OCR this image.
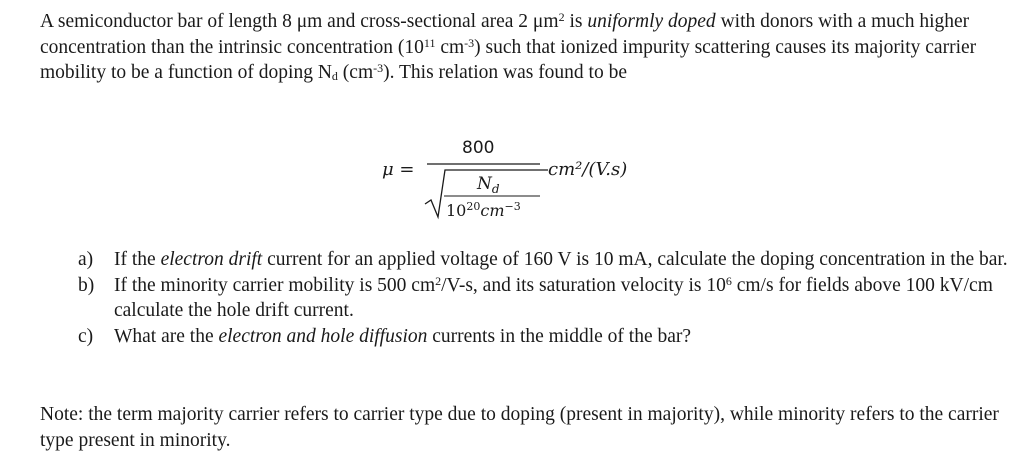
A semiconductor bar of length 8 μm and cross-sectional area 2 $\mu m^2$ is uniformly doped with donors with a much higher concentration than the intrinsic concentration ($10^{11}$ $cm^{-3}$) such that ionized impurity scattering causes its majority carrier mobility to be a function of doping $N_d$ $(cm^{-3})$. This relation was found to be

μ =
800
$N_d$
$10^{20}cm^{-3}$
cm²/(V.s)
a) If the electron drift current for an applied voltage of 160 V is 10 mA, calculate the doping concentration in the bar.
b) If the minority carrier mobility is 500 $cm^2/V-s$, and its saturation velocity is $10^6$ cm/s for fields above 100 kV/cm calculate the hole drift current.
c) What are the electron and hole diffusion currents in the middle of the bar?

Note: the term majority carrier refers to carrier type due to doping (present in majority), while minority refers to the carrier type present in minority.
